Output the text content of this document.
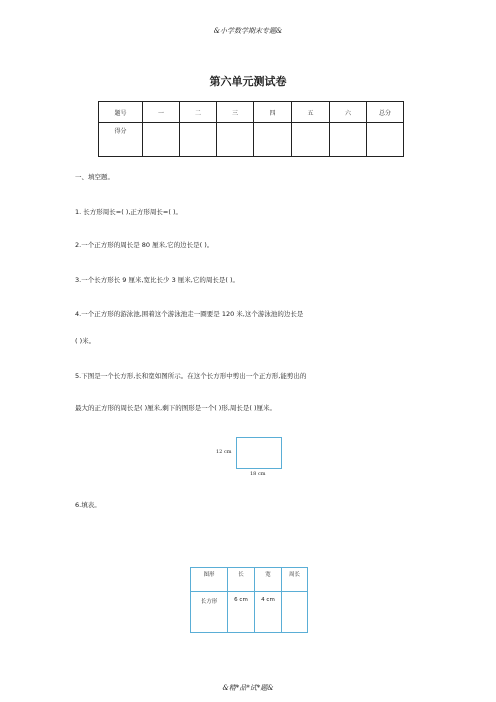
&小学数学期末专题&
第六单元测试卷
题号	一	二	三	四	五	六	总分
得分							
一、填空题。
1. 长方形周长=( ),正方形周长=( )。
2.一个正方形的周长是 80 厘米,它的边长是( )。
3.一个长方形长 9 厘米,宽比长少 3 厘米,它的周长是( )。
4.一个正方形的游泳池,围着这个游泳池走一圈要是 120 米,这个游泳池的边长是
( )米。
5.下图是一个长方形,长和宽如图所示。在这个长方形中剪出一个正方形,能剪出的
最大的正方形的周长是( )厘米,剩下的图形是一个( )形,周长是( )厘米。
12 cm
18 cm
6.填表。
图形	长	宽	周长
长方形	6 cm	4 cm	
&精*品*试*题&
